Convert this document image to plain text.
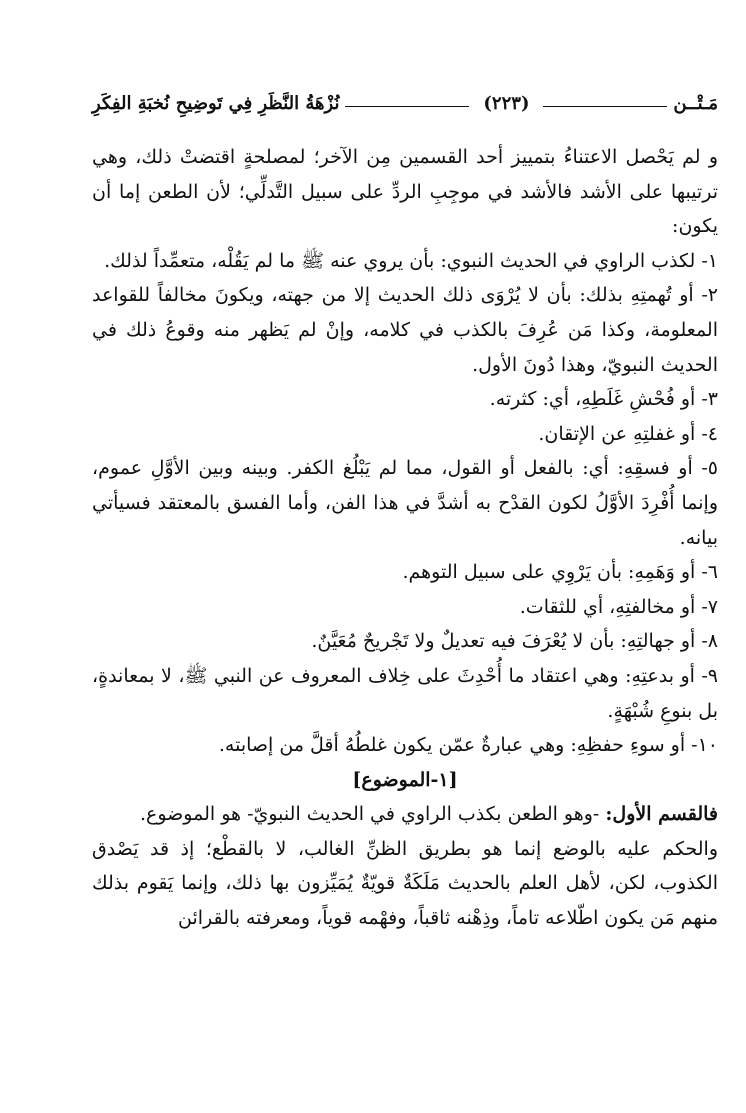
مَـتْــن
(٢٢٣)
نُزْهَةُ النَّظَرِ فِي تَوضِيحِ نُخبَةِ الفِكَرِ

و لم يَحْصل الاعتناءُ بتمييز أحد القسمين مِن الآخر؛ لمصلحةٍ اقتضتْ ذلك، وهي ترتيبها على الأشد فالأشد في موجِبِ الردِّ على سبيل التَّدلِّي؛ لأن الطعن إما أن يكون:

١- لكذب الراوي في الحديث النبوي: بأن يروي عنه ﷺ ما لم يَقُلْه، متعمِّداً لذلك.

٢- أو تُهمتِهِ بذلك: بأن لا يُرْوَى ذلك الحديث إلا من جهته، ويكونَ مخالفاً للقواعد المعلومة، وكذا مَن عُرِفَ بالكذب في كلامه، وإنْ لم يَظهر منه وقوعُ ذلك في الحديث النبويّ، وهذا دُونَ الأول.

٣- أو فُحْشِ غَلَطِهِ، أي: كثرته.

٤- أو غفلتِهِ عن الإتقان.

٥- أو فسقِهِ: أي: بالفعل أو القول، مما لم يَبْلُغ الكفر. وبينه وبين الأوَّلِ عموم، وإنما أُفْرِدَ الأوَّلُ لكون القدْح به أشدَّ في هذا الفن، وأما الفسق بالمعتقد فسيأتي بيانه.

٦- أو وَهَمِهِ: بأن يَرْوِي على سبيل التوهم.

٧- أو مخالفتِهِ، أي للثقات.

٨- أو جهالتِهِ: بأن لا يُعْرَفَ فيه تعديلٌ ولا تَجْريحٌ مُعَيَّنٌ.

٩- أو بدعتِهِ: وهي اعتقاد ما أُحْدِثَ على خِلاف المعروف عن النبي ﷺ، لا بمعاندةٍ، بل بنوعِ شُبْهَةٍ.

١٠- أو سوءِ حفظِهِ: وهي عبارةٌ عمّن يكون غلطُهُ أقلَّ من إصابته.

[١-الموضوع]

فالقسم الأول: -وهو الطعن بكذب الراوي في الحديث النبويّ- هو الموضوع.

والحكم عليه بالوضع إنما هو بطريق الظنِّ الغالب، لا بالقطْع؛ إذ قد يَصْدق الكذوب، لكن، لأهل العلم بالحديث مَلَكَةٌ قويّةٌ يُمَيِّزون بها ذلك، وإنما يَقوم بذلك منهم مَن يكون اطّلاعه تاماً، وذِهْنه ثاقباً، وفهْمه قوياً، ومعرفته بالقرائن
